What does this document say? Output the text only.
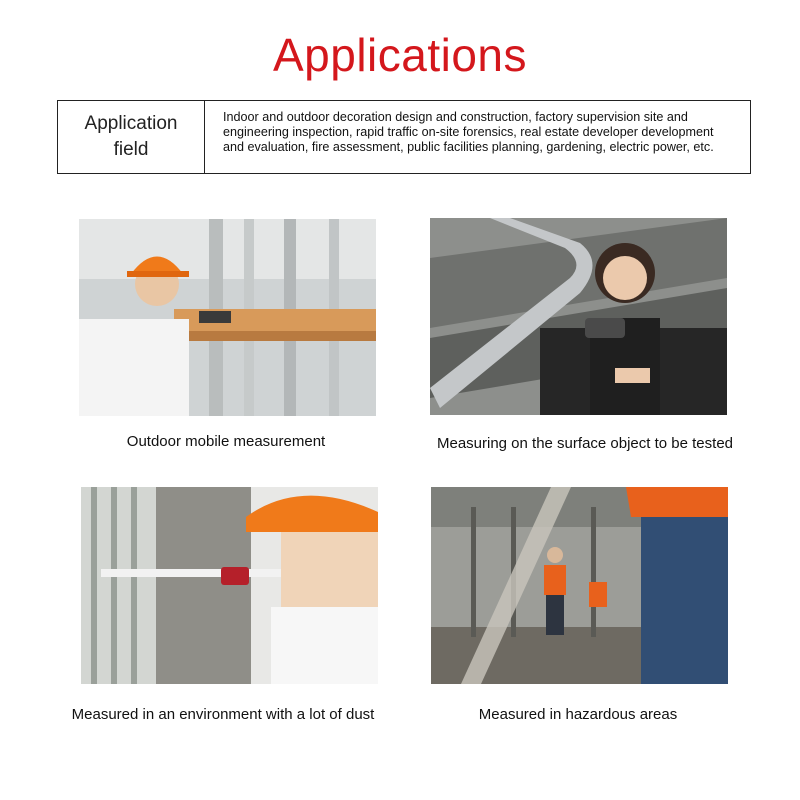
Applications
Application
field
Indoor and outdoor decoration design and construction, factory supervision site and engineering inspection, rapid traffic on-site forensics, real estate developer development and evaluation, fire assessment, public facilities planning, gardening, electric power, etc.
Outdoor mobile measurement	Measuring on the surface object to be tested
Measured in an environment with a lot of dust	Measured in hazardous areas
